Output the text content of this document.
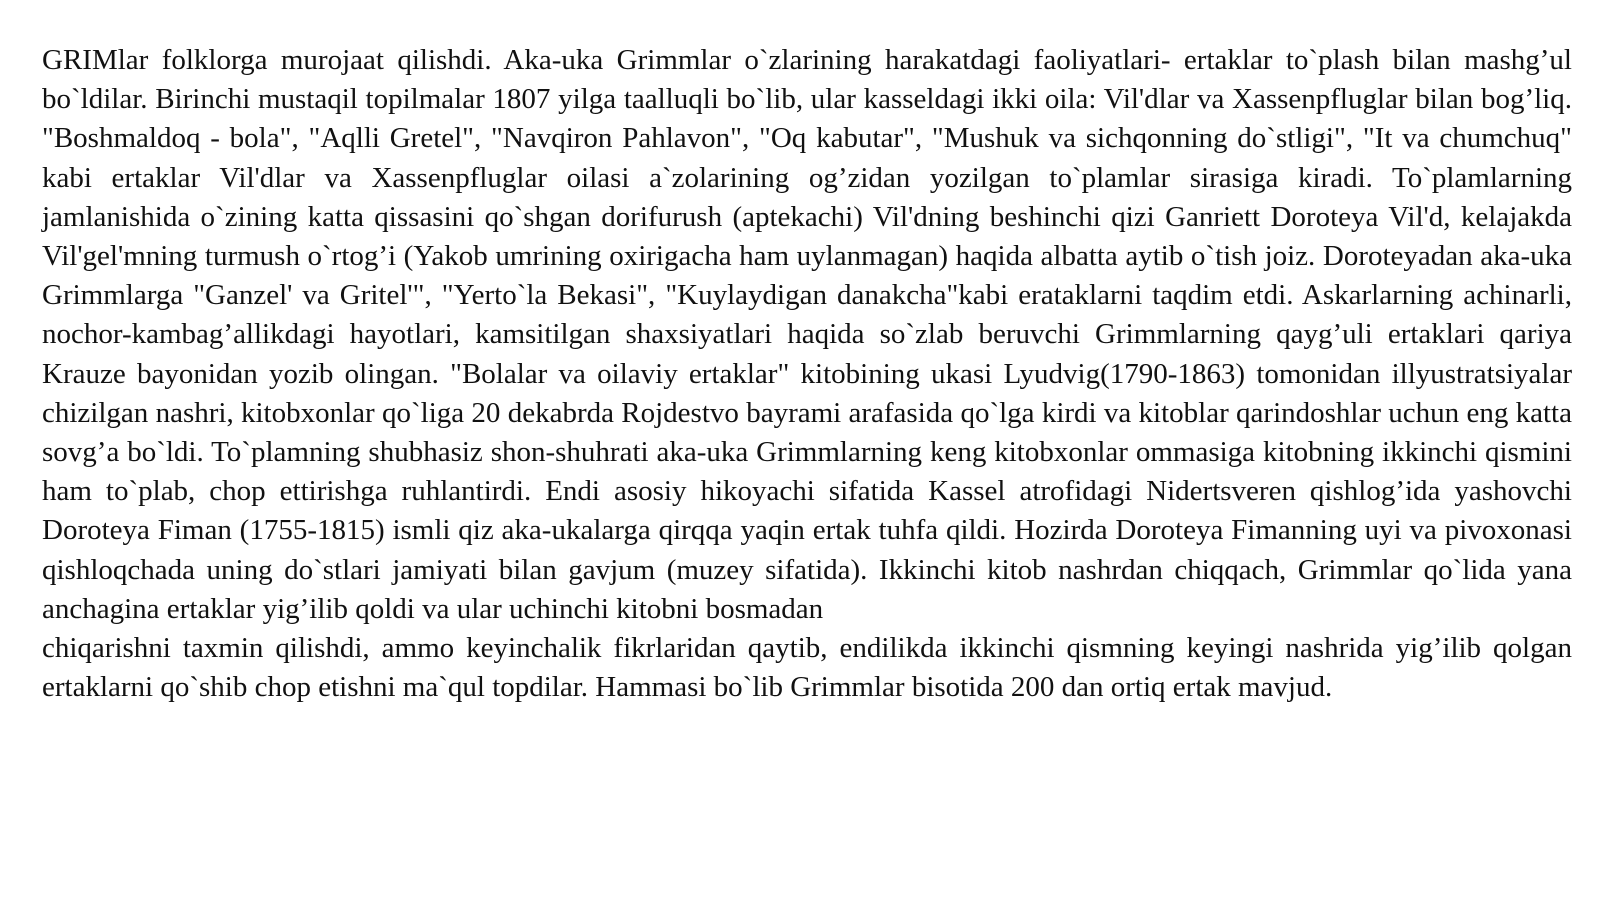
GRIMlar folklorga murojaat qilishdi. Aka-uka Grimmlar o`zlarining harakatdagi faoliyatlari- ertaklar to`plash bilan mashg’ul bo`ldilar. Birinchi mustaqil topilmalar 1807 yilga taalluqli bo`lib, ular kasseldagi ikki oila: Vil'dlar va Xassenpfluglar bilan bog’liq. "Boshmaldoq - bola", "Aqlli Gretel", "Navqiron Pahlavon", "Oq kabutar", "Mushuk va sichqonning do`stligi", "It va chumchuq" kabi ertaklar Vil'dlar va Xassenpfluglar oilasi a`zolarining og’zidan yozilgan to`plamlar sirasiga kiradi. To`plamlarning jamlanishida o`zining katta qissasini qo`shgan dorifurush (aptekachi) Vil'dning beshinchi qizi Ganriett Doroteya Vil'd, kelajakda Vil'gel'mning turmush o`rtog’i (Yakob umrining oxirigacha ham uylanmagan) haqida albatta aytib o`tish joiz. Doroteyadan aka-uka Grimmlarga "Ganzel' va Gritel'", "Yerto`la Bekasi", "Kuylaydigan danakcha"kabi erataklarni taqdim etdi. Askarlarning achinarli, nochor-kambag’allikdagi hayotlari, kamsitilgan shaxsiyatlari haqida so`zlab beruvchi Grimmlarning qayg’uli ertaklari qariya Krauze bayonidan yozib olingan. "Bolalar va oilaviy ertaklar" kitobining ukasi Lyudvig(1790-1863) tomonidan illyustratsiyalar chizilgan nashri, kitobxonlar qo`liga 20 dekabrda Rojdestvo bayrami arafasida qo`lga kirdi va kitoblar qarindoshlar uchun eng katta sovg’a bo`ldi. To`plamning shubhasiz shon-shuhrati aka-uka Grimmlarning keng kitobxonlar ommasiga kitobning ikkinchi qismini ham to`plab, chop ettirishga ruhlantirdi. Endi asosiy hikoyachi sifatida Kassel atrofidagi Nidertsveren qishlog’ida yashovchi Doroteya Fiman (1755-1815) ismli qiz aka-ukalarga qirqqa yaqin ertak tuhfa qildi. Hozirda Doroteya Fimanning uyi va pivoxonasi qishloqchada uning do`stlari jamiyati bilan gavjum (muzey sifatida). Ikkinchi kitob nashrdan chiqqach, Grimmlar qo`lida yana anchagina ertaklar yig’ilib qoldi va ular uchinchi kitobni bosmadan

chiqarishni taxmin qilishdi, ammo keyinchalik fikrlaridan qaytib, endilikda ikkinchi qismning keyingi nashrida yig’ilib qolgan ertaklarni qo`shib chop etishni ma`qul topdilar. Hammasi bo`lib Grimmlar bisotida 200 dan ortiq ertak mavjud.
